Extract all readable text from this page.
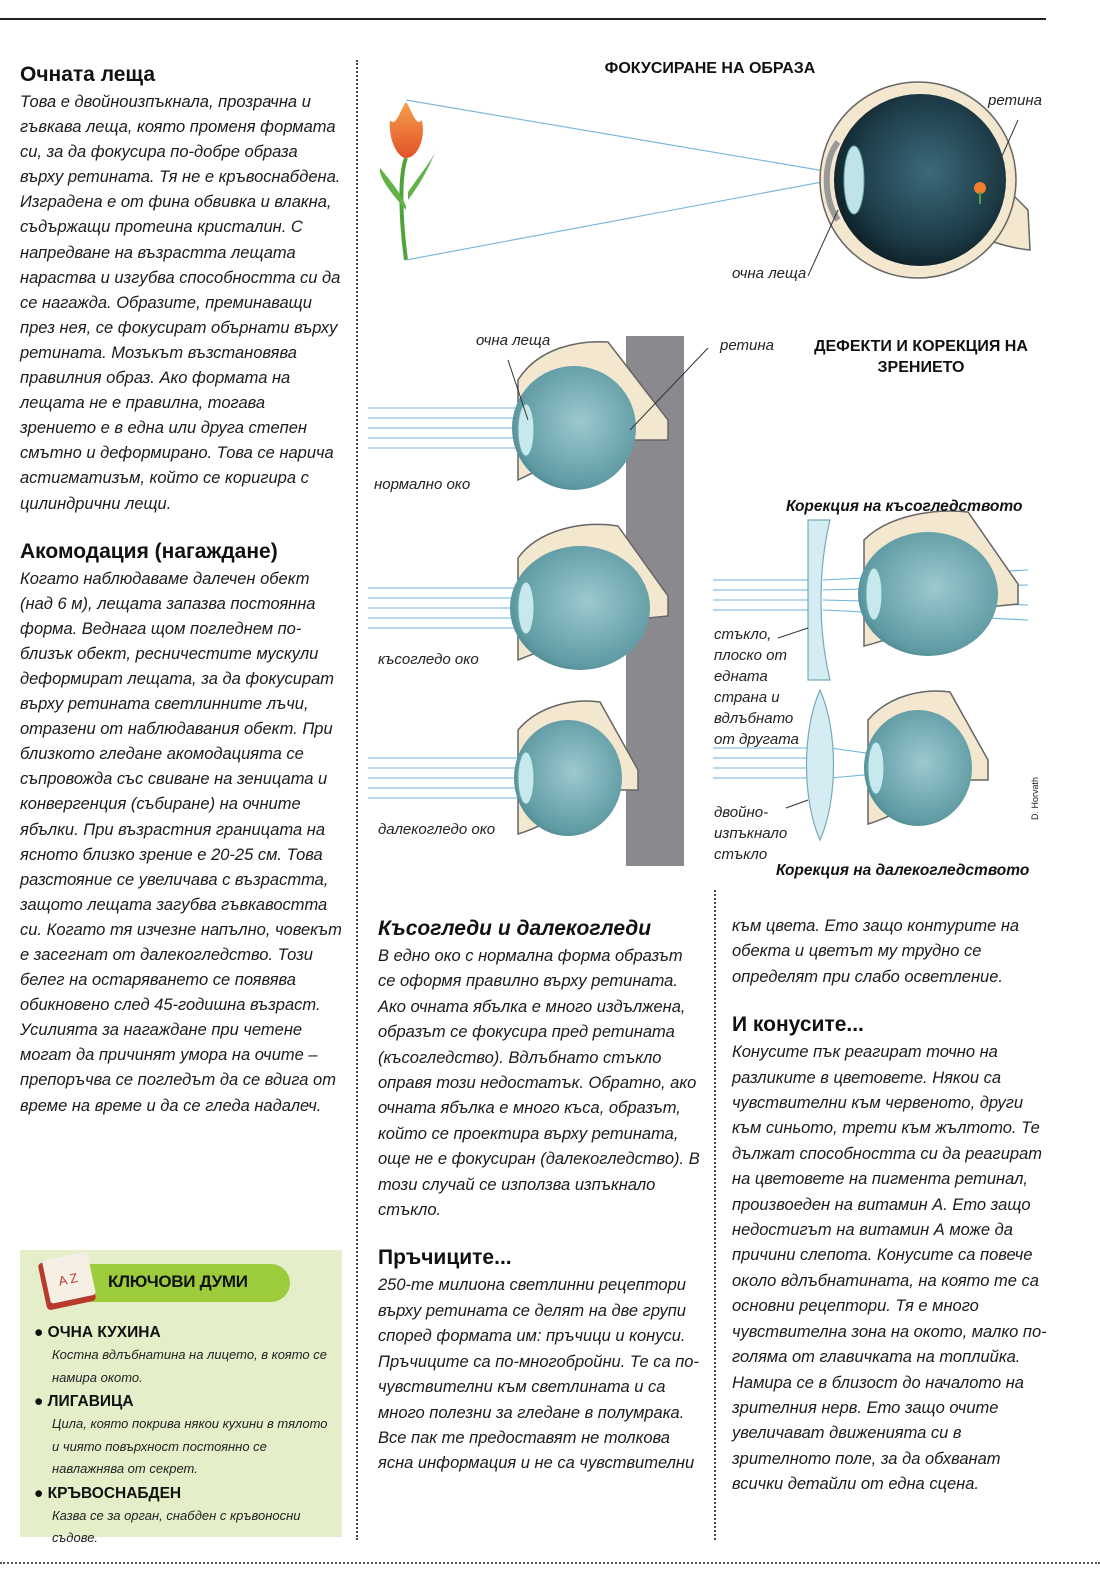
Очната леща

Това е двойноизпъкнала, прозрачна и гъвкава леща, която променя формата си, за да фокусира по-добре образа върху ретината. Тя не е кръвоснабдена. Изградена е от фина обвивка и влакна, съдържащи протеина кристалин. С напредване на възрастта лещата нараства и изгубва способността си да се нагажда. Образите, преминаващи през нея, се фокусират обърнати върху ретината. Мозъкът възстановява правилния образ. Ако формата на лещата не е правилна, тогава зрението е в една или друга степен смътно и деформирано. Това се нарича астигматизъм, който се коригира с цилиндрични лещи.

Акомодация (нагаждане)

Когато наблюдаваме далечен обект (над 6 м), лещата запазва постоянна форма. Веднага щом погледнем по-близък обект, ресничестите мускули деформират лещата, за да фокусират върху ретината светлинните лъчи, отразени от наблюдавания обект. При близкото гледане акомодацията се съпровожда със свиване на зеницата и конвергенция (събиране) на очните ябълки. При възрастния границата на ясното близко зрение е 20-25 см. Това разстояние се увеличава с възрастта, защото лещата загубва гъвкавостта си. Когато тя изчезне напълно, човекът е засегнат от далекогледство. Този белег на остаряването се появява обикновено след 45-годишна възраст. Усилията за нагаждане при четене могат да причинят умора на очите – препоръчва се погледът да се вдига от време на време и да се гледа надалеч.

A Z КЛЮЧОВИ ДУМИ

● ОЧНА КУХИНА

Костна вдлъбнатина на лицето, в която се намира окото.

● ЛИГАВИЦА

Цила, която покрива някои кухини в тялото и чиято повърхност постоянно се навлажнява от секрет.

● КРЪВОСНАБДЕН

Казва се за орган, снабден с кръвоносни съдове.

ФОКУСИРАНЕ НА ОБРАЗА
ретина
очна леща
очна леща	ретина	ДЕФЕКТИ И КОРЕКЦИЯ НА ЗРЕНИЕТО
нормално око
Корекция на късогледството
стъкло, плоско от едната страна и вдлъбнато от другата
късогледо око
двойно-изпъкнало стъкло
далекогледо око
D. Horvath
Корекция на далекогледството
Късогледи и далекогледи

В едно око с нормална форма образът се оформя правилно върху ретината. Ако очната ябълка е много издължена, образът се фокусира пред ретината (късогледство). Вдлъбнато стъкло оправя този недостатък. Обратно, ако очната ябълка е много къса, образът, който се проектира върху ретината, още не е фокусиран (далекогледство). В този случай се използва изпъкнало стъкло.

Пръчиците...

250-те милиона светлинни рецептори върху ретината се делят на две групи според формата им: пръчици и конуси. Пръчиците са по-многобройни. Те са по-чувствителни към светлината и са много полезни за гледане в полумрака. Все пак те предоставят не толкова ясна информация и не са чувствителни

към цвета. Ето защо контурите на обекта и цветът му трудно се определят при слабо осветление.

И конусите...

Конусите пък реагират точно на разликите в цветовете. Някои са чувствителни към червеното, други към синьото, трети към жълтото. Те дължат способността си да реагират на цветовете на пигмента ретинал, произвоеден на витамин А. Ето защо недостигът на витамин А може да причини слепота. Конусите са повече около вдлъбнатината, на която те са основни рецептори. Тя е много чувствителна зона на окото, малко по-голяма от главичката на топлийка. Намира се в близост до началото на зрителния нерв. Ето защо очите увеличават движенията си в зрителното поле, за да обхванат всички детайли от една сцена.
